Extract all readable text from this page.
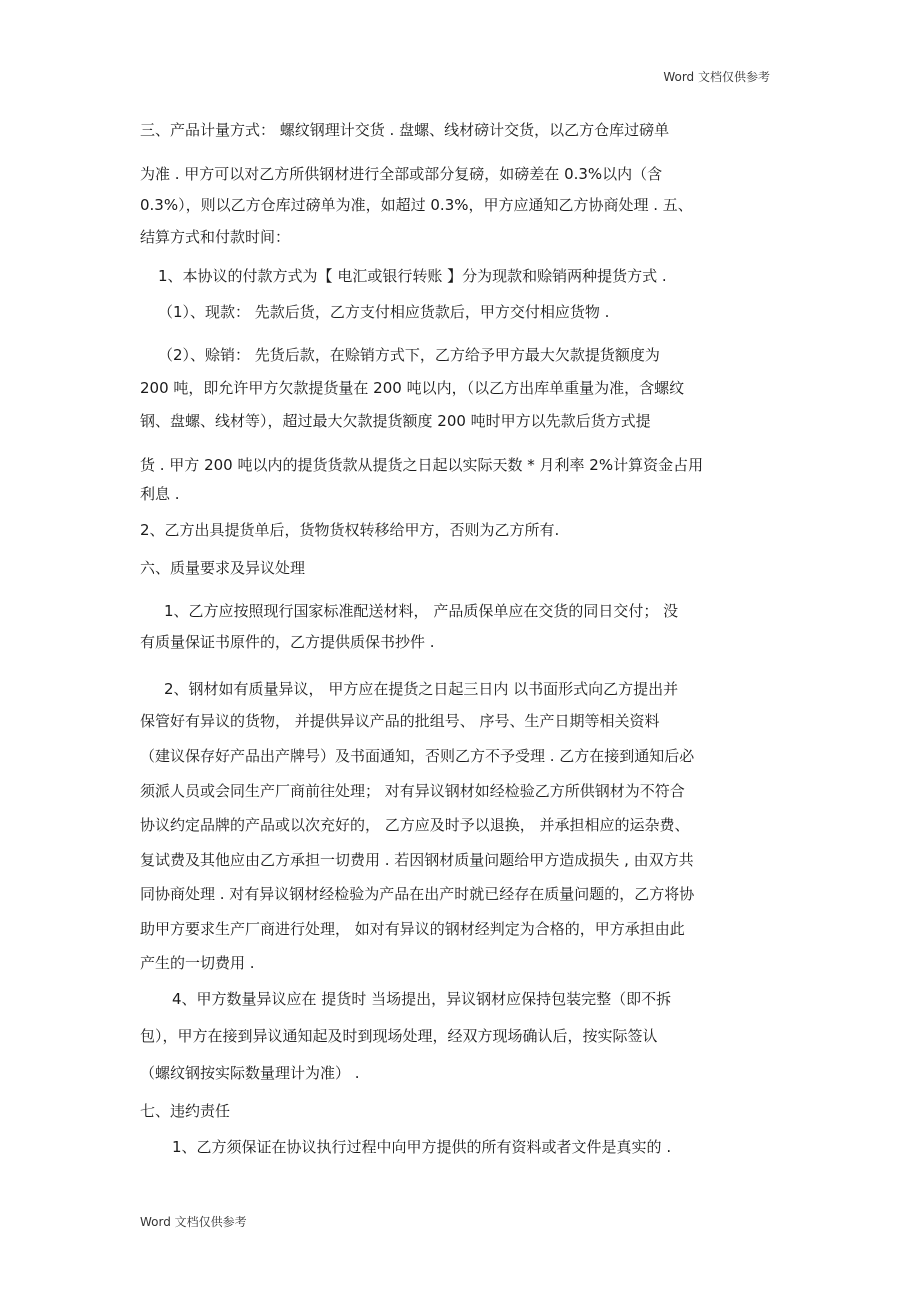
Word 文档仅供参考
三、产品计量方式： 螺纹钢理计交货 . 盘螺、线材磅计交货，以乙方仓库过磅单
为准 . 甲方可以对乙方所供钢材进行全部或部分复磅，如磅差在 0.3%以内（含
0.3%），则以乙方仓库过磅单为准，如超过 0.3%，甲方应通知乙方协商处理 . 五、
结算方式和付款时间：
1、本协议的付款方式为【 电汇或银行转账 】分为现款和赊销两种提货方式 .
（1）、现款： 先款后货，乙方支付相应货款后，甲方交付相应货物 .
（2）、赊销： 先货后款，在赊销方式下，乙方给予甲方最大欠款提货额度为
200 吨，即允许甲方欠款提货量在 200 吨以内，（以乙方出库单重量为准，含螺纹
钢、盘螺、线材等），超过最大欠款提货额度 200 吨时甲方以先款后货方式提
货 . 甲方 200 吨以内的提货货款从提货之日起以实际天数 * 月利率 2%计算资金占用
利息 .
2、乙方出具提货单后，货物货权转移给甲方，否则为乙方所有.
六、质量要求及异议处理
1、乙方应按照现行国家标准配送材料， 产品质保单应在交货的同日交付； 没
有质量保证书原件的，乙方提供质保书抄件 .
2、钢材如有质量异议， 甲方应在提货之日起三日内 以书面形式向乙方提出并
保管好有异议的货物， 并提供异议产品的批组号、 序号、生产日期等相关资料
（建议保存好产品出产牌号）及书面通知，否则乙方不予受理 . 乙方在接到通知后必
须派人员或会同生产厂商前往处理； 对有异议钢材如经检验乙方所供钢材为不符合
协议约定品牌的产品或以次充好的， 乙方应及时予以退换， 并承担相应的运杂费、
复试费及其他应由乙方承担一切费用 . 若因钢材质量问题给甲方造成损失 , 由双方共
同协商处理 . 对有异议钢材经检验为产品在出产时就已经存在质量问题的，乙方将协
助甲方要求生产厂商进行处理， 如对有异议的钢材经判定为合格的，甲方承担由此
产生的一切费用 .
4、甲方数量异议应在 提货时 当场提出，异议钢材应保持包装完整（即不拆
包），甲方在接到异议通知起及时到现场处理，经双方现场确认后，按实际签认
（螺纹钢按实际数量理计为准） .
七、违约责任
1、乙方须保证在协议执行过程中向甲方提供的所有资料或者文件是真实的 .
Word 文档仅供参考
